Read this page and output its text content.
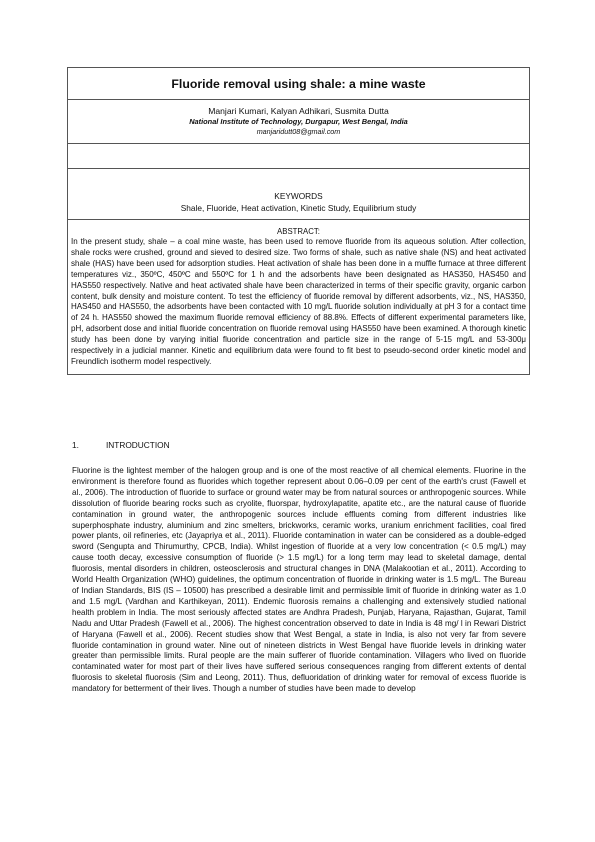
Fluoride removal using shale: a mine waste
Manjari Kumari, Kalyan Adhikari, Susmita Dutta
National Institute of Technology, Durgapur, West Bengal, India
manjaridutt08@gmail.com
KEYWORDS
Shale, Fluoride, Heat activation, Kinetic Study, Equilibrium study
ABSTRACT:
In the present study, shale – a coal mine waste, has been used to remove fluoride from its aqueous solution. After collection, shale rocks were crushed, ground and sieved to desired size. Two forms of shale, such as native shale (NS) and heat activated shale (HAS) have been used for adsorption studies. Heat activation of shale has been done in a muffle furnace at three different temperatures viz., 350ºC, 450ºC and 550ºC for 1 h and the adsorbents have been designated as HAS350, HAS450 and HAS550 respectively. Native and heat activated shale have been characterized in terms of their specific gravity, organic carbon content, bulk density and moisture content. To test the efficiency of fluoride removal by different adsorbents, viz., NS, HAS350, HAS450 and HAS550, the adsorbents have been contacted with 10 mg/L fluoride solution individually at pH 3 for a contact time of 24 h. HAS550 showed the maximum fluoride removal efficiency of 88.8%. Effects of different experimental parameters like, pH, adsorbent dose and initial fluoride concentration on fluoride removal using HAS550 have been examined. A thorough kinetic study has been done by varying initial fluoride concentration and particle size in the range of 5-15 mg/L and 53-300μ respectively in a judicial manner. Kinetic and equilibrium data were found to fit best to pseudo-second order kinetic model and Freundlich isotherm model respectively.
1.	INTRODUCTION
Fluorine is the lightest member of the halogen group and is one of the most reactive of all chemical elements. Fluorine in the environment is therefore found as fluorides which together represent about 0.06–0.09 per cent of the earth's crust (Fawell et al., 2006). The introduction of fluoride to surface or ground water may be from natural sources or anthropogenic sources. While dissolution of fluoride bearing rocks such as cryolite, fluorspar, hydroxylapatite, apatite etc., are the natural cause of fluoride contamination in ground water, the anthropogenic sources include effluents coming from different industries like superphosphate industry, aluminium and zinc smelters, brickworks, ceramic works, uranium enrichment facilities, coal fired power plants, oil refineries, etc (Jayapriya et al., 2011). Fluoride contamination in water can be considered as a double-edged sword (Sengupta and Thirumurthy, CPCB, India). Whilst ingestion of fluoride at a very low concentration (< 0.5 mg/L) may cause tooth decay, excessive consumption of fluoride (> 1.5 mg/L) for a long term may lead to skeletal damage, dental fluorosis, mental disorders in children, osteosclerosis and structural changes in DNA (Malakootian et al., 2011). According to World Health Organization (WHO) guidelines, the optimum concentration of fluoride in drinking water is 1.5 mg/L. The Bureau of Indian Standards, BIS (IS – 10500) has prescribed a desirable limit and permissible limit of fluoride in drinking water as 1.0 and 1.5 mg/L (Vardhan and Karthikeyan, 2011). Endemic fluorosis remains a challenging and extensively studied national health problem in India. The most seriously affected states are Andhra Pradesh, Punjab, Haryana, Rajasthan, Gujarat, Tamil Nadu and Uttar Pradesh (Fawell et al., 2006). The highest concentration observed to date in India is 48 mg/ l in Rewari District of Haryana (Fawell et al., 2006). Recent studies show that West Bengal, a state in India, is also not very far from severe fluoride contamination in ground water. Nine out of nineteen districts in West Bengal have fluoride levels in drinking water greater than permissible limits. Rural people are the main sufferer of fluoride contamination. Villagers who lived on fluoride contaminated water for most part of their lives have suffered serious consequences ranging from different extents of dental fluorosis to skeletal fluorosis (Sim and Leong, 2011). Thus, defluoridation of drinking water for removal of excess fluoride is mandatory for betterment of their lives. Though a number of studies have been made to develop
